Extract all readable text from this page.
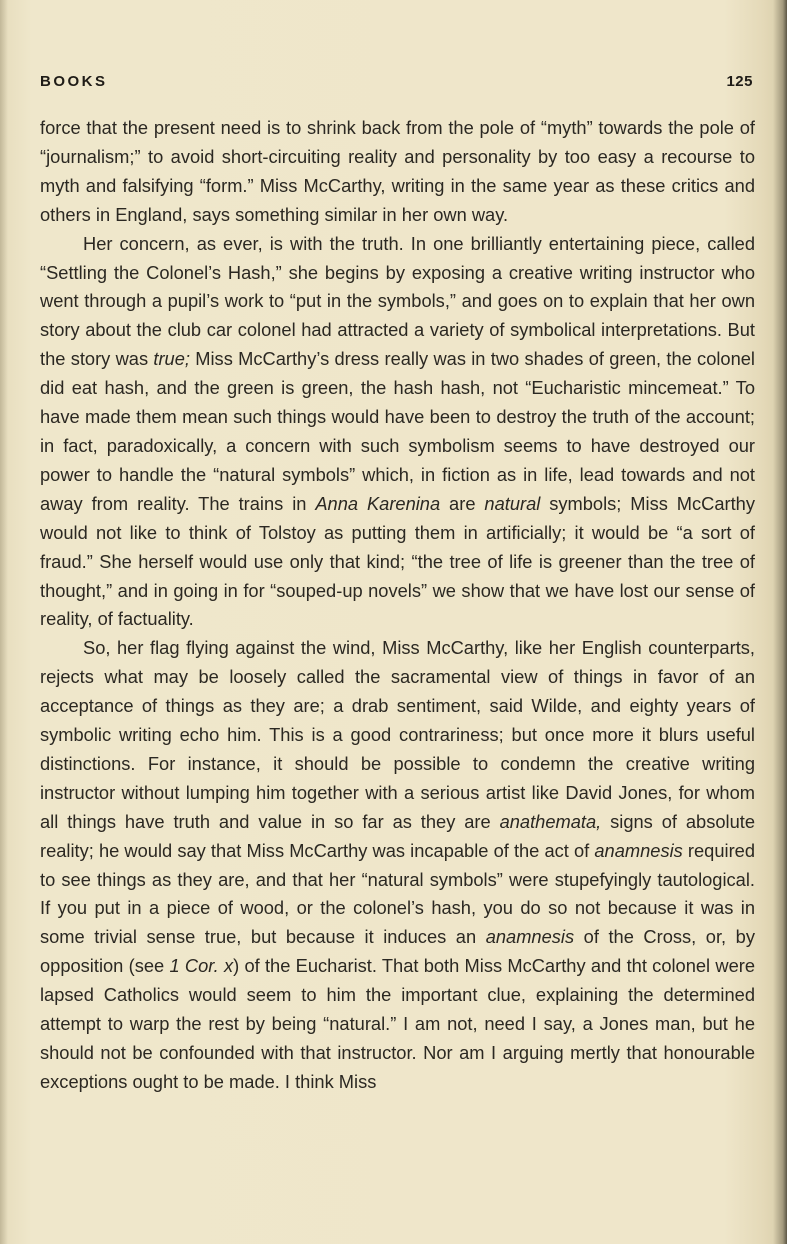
BOOKS	125

force that the present need is to shrink back from the pole of “myth” towards the pole of “journalism;” to avoid short-circuiting reality and personality by too easy a recourse to myth and falsifying “form.” Miss McCarthy, writing in the same year as these critics and others in England, says something similar in her own way.

Her concern, as ever, is with the truth. In one brilliantly entertaining piece, called “Settling the Colonel’s Hash,” she begins by exposing a creative writing instructor who went through a pupil’s work to “put in the symbols,” and goes on to explain that her own story about the club car colonel had attracted a variety of symbolical interpretations. But the story was true; Miss McCarthy’s dress really was in two shades of green, the colonel did eat hash, and the green is green, the hash hash, not “Eucharistic mincemeat.” To have made them mean such things would have been to destroy the truth of the account; in fact, paradoxically, a concern with such symbolism seems to have destroyed our power to handle the “natural symbols” which, in fiction as in life, lead towards and not away from reality. The trains in Anna Karenina are natural symbols; Miss McCarthy would not like to think of Tolstoy as putting them in artificially; it would be “a sort of fraud.” She herself would use only that kind; “the tree of life is greener than the tree of thought,” and in going in for “souped-up novels” we show that we have lost our sense of reality, of factuality.

So, her flag flying against the wind, Miss McCarthy, like her English counterparts, rejects what may be loosely called the sacramental view of things in favor of an acceptance of things as they are; a drab sentiment, said Wilde, and eighty years of symbolic writing echo him. This is a good contrariness; but once more it blurs useful distinctions. For instance, it should be possible to condemn the creative writing instructor without lumping him together with a serious artist like David Jones, for whom all things have truth and value in so far as they are anathemata, signs of absolute reality; he would say that Miss McCarthy was incapable of the act of anamnesis required to see things as they are, and that her “natural symbols” were stupefyingly tautological. If you put in a piece of wood, or the colonel’s hash, you do so not because it was in some trivial sense true, but because it induces an anamnesis of the Cross, or, by opposition (see 1 Cor. x) of the Eucharist. That both Miss McCarthy and tht colonel were lapsed Catholics would seem to him the important clue, explaining the determined attempt to warp the rest by being “natural.” I am not, need I say, a Jones man, but he should not be confounded with that instructor. Nor am I arguing mertly that honourable exceptions ought to be made. I think Miss
